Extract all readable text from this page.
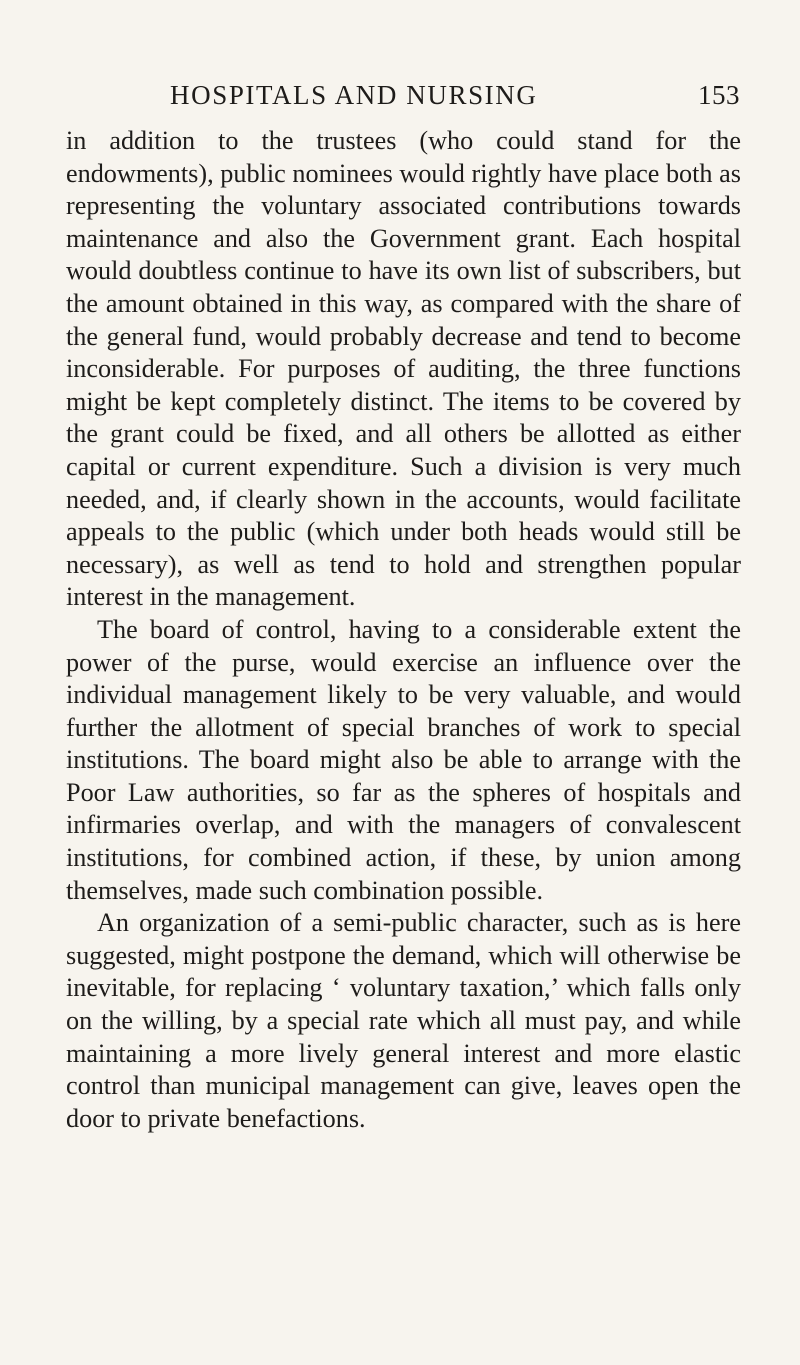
HOSPITALS AND NURSING	153

in addition to the trustees (who could stand for the endowments), public nominees would rightly have place both as representing the voluntary associated contributions towards maintenance and also the Government grant. Each hospital would doubtless continue to have its own list of subscribers, but the amount obtained in this way, as compared with the share of the general fund, would probably decrease and tend to become inconsiderable. For purposes of auditing, the three functions might be kept completely distinct. The items to be covered by the grant could be fixed, and all others be allotted as either capital or current expenditure. Such a division is very much needed, and, if clearly shown in the accounts, would facilitate appeals to the public (which under both heads would still be necessary), as well as tend to hold and strengthen popular interest in the management.

The board of control, having to a considerable extent the power of the purse, would exercise an influence over the individual management likely to be very valuable, and would further the allotment of special branches of work to special institutions. The board might also be able to arrange with the Poor Law authorities, so far as the spheres of hospitals and infirmaries overlap, and with the managers of convalescent institutions, for combined action, if these, by union among themselves, made such combination possible.

An organization of a semi-public character, such as is here suggested, might postpone the demand, which will otherwise be inevitable, for replacing ‘ voluntary taxation,’ which falls only on the willing, by a special rate which all must pay, and while maintaining a more lively general interest and more elastic control than municipal management can give, leaves open the door to private benefactions.
